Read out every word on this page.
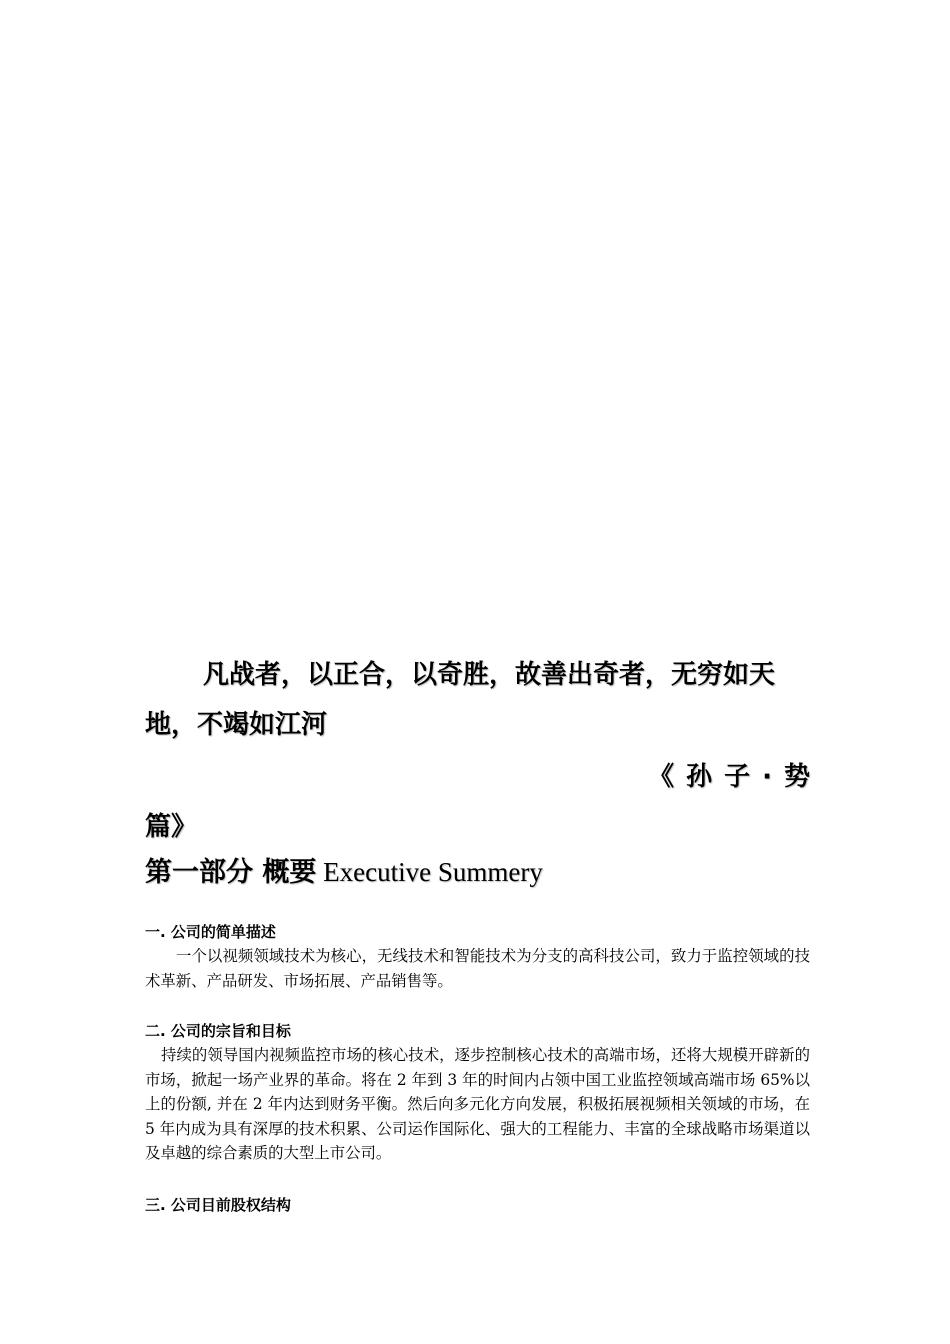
凡战者，以正合，以奇胜，故善出奇者，无穷如天
地，不竭如江河
《孙子·势
篇》
第一部分 概要 Executive Summery
一. 公司的简单描述
一个以视频领域技术为核心，无线技术和智能技术为分支的高科技公司，致力于监控领域的技术革新、产品研发、市场拓展、产品销售等。
二. 公司的宗旨和目标
持续的领导国内视频监控市场的核心技术，逐步控制核心技术的高端市场，还将大规模开辟新的市场，掀起一场产业界的革命。将在 2 年到 3 年的时间内占领中国工业监控领域高端市场 65%以上的份额, 并在 2 年内达到财务平衡。然后向多元化方向发展，积极拓展视频相关领域的市场，在 5 年内成为具有深厚的技术积累、公司运作国际化、强大的工程能力、丰富的全球战略市场渠道以及卓越的综合素质的大型上市公司。
三. 公司目前股权结构
